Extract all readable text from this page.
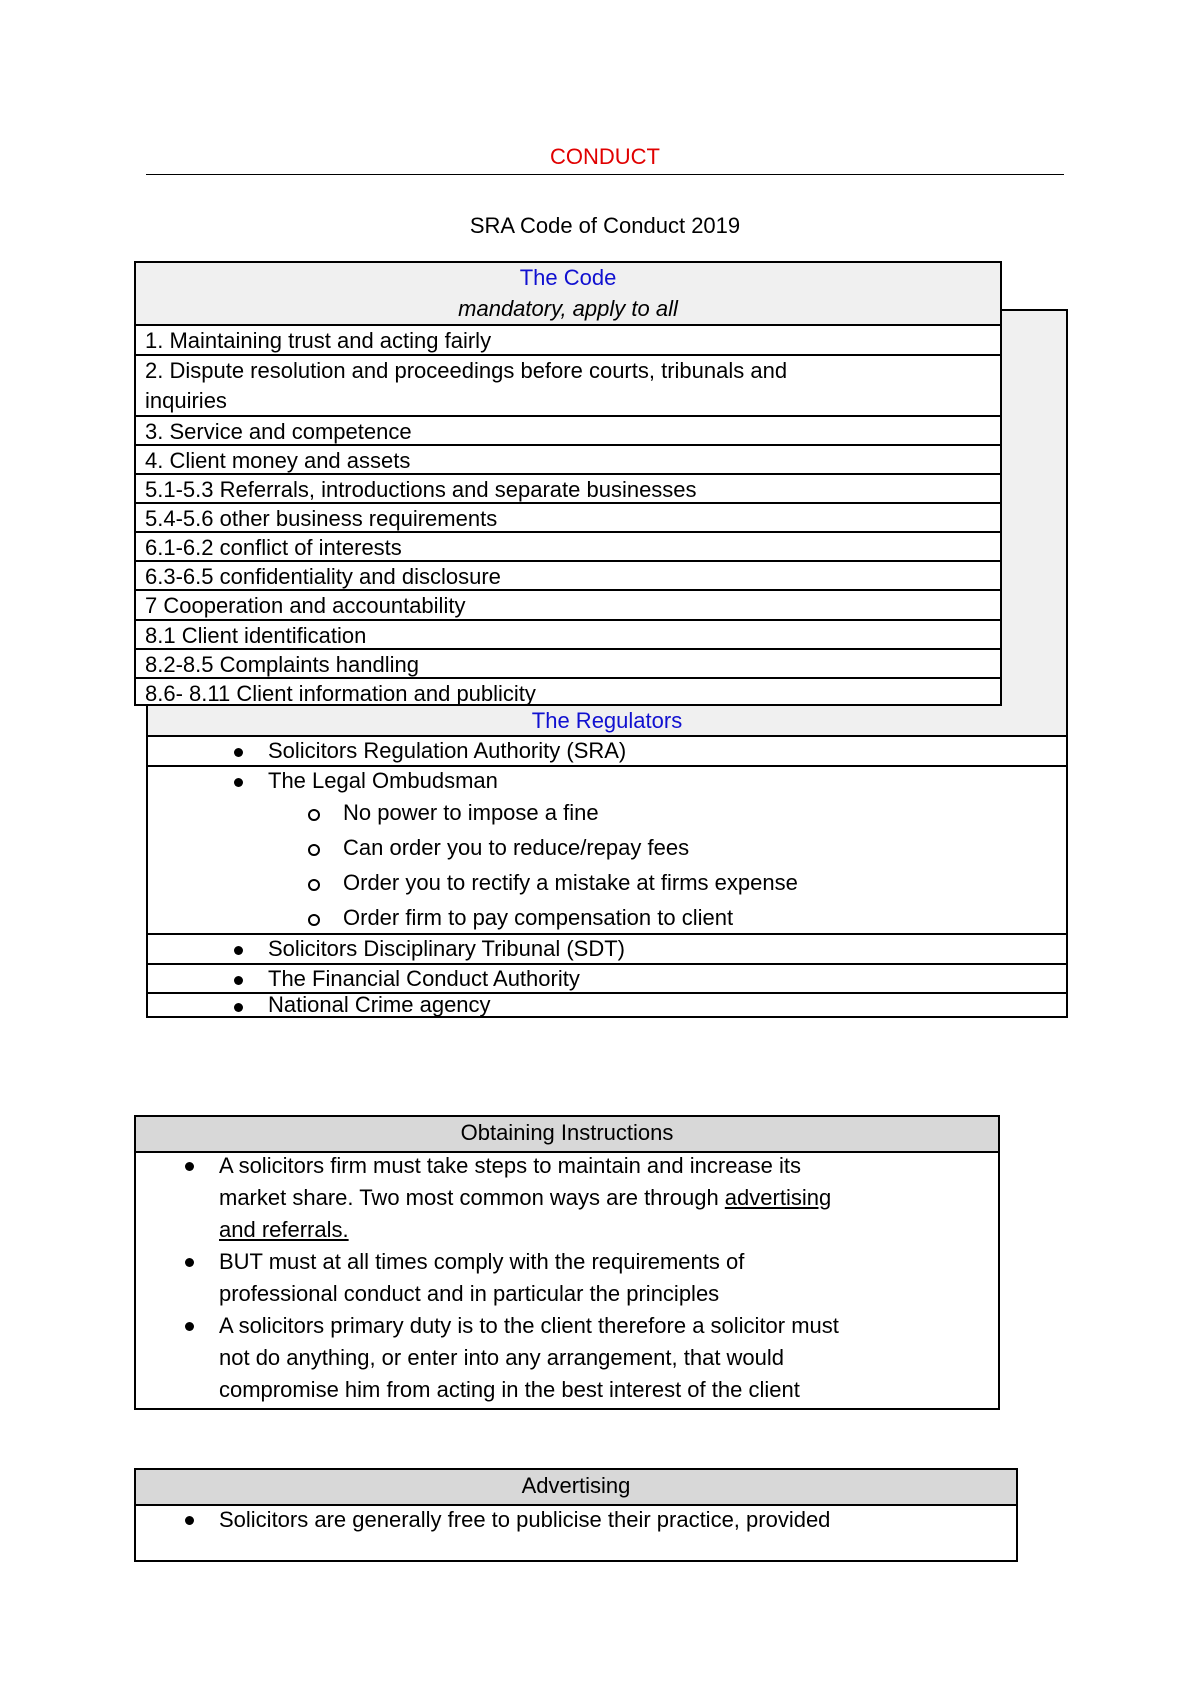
CONDUCT
SRA Code of Conduct 2019
The Regulators
Solicitors Regulation Authority (SRA)
The Legal Ombudsman
No power to impose a fine
Can order you to reduce/repay fees
Order you to rectify a mistake at firms expense
Order firm to pay compensation to client
Solicitors Disciplinary Tribunal (SDT)
The Financial Conduct Authority
National Crime agency
The Code
mandatory, apply to all
1. Maintaining trust and acting fairly
2. Dispute resolution and proceedings before courts, tribunals and
inquiries
3. Service and competence
4. Client money and assets
5.1-5.3 Referrals, introductions and separate businesses
5.4-5.6 other business requirements
6.1-6.2 conflict of interests
6.3-6.5 confidentiality and disclosure
7 Cooperation and accountability
8.1 Client identification
8.2-8.5 Complaints handling
8.6- 8.11 Client information and publicity
Obtaining Instructions
A solicitors firm must take steps to maintain and increase its
market share. Two most common ways are through advertising
and referrals.
BUT must at all times comply with the requirements of
professional conduct and in particular the principles
A solicitors primary duty is to the client therefore a solicitor must
not do anything, or enter into any arrangement, that would
compromise him from acting in the best interest of the client
Advertising
Solicitors are generally free to publicise their practice, provided
